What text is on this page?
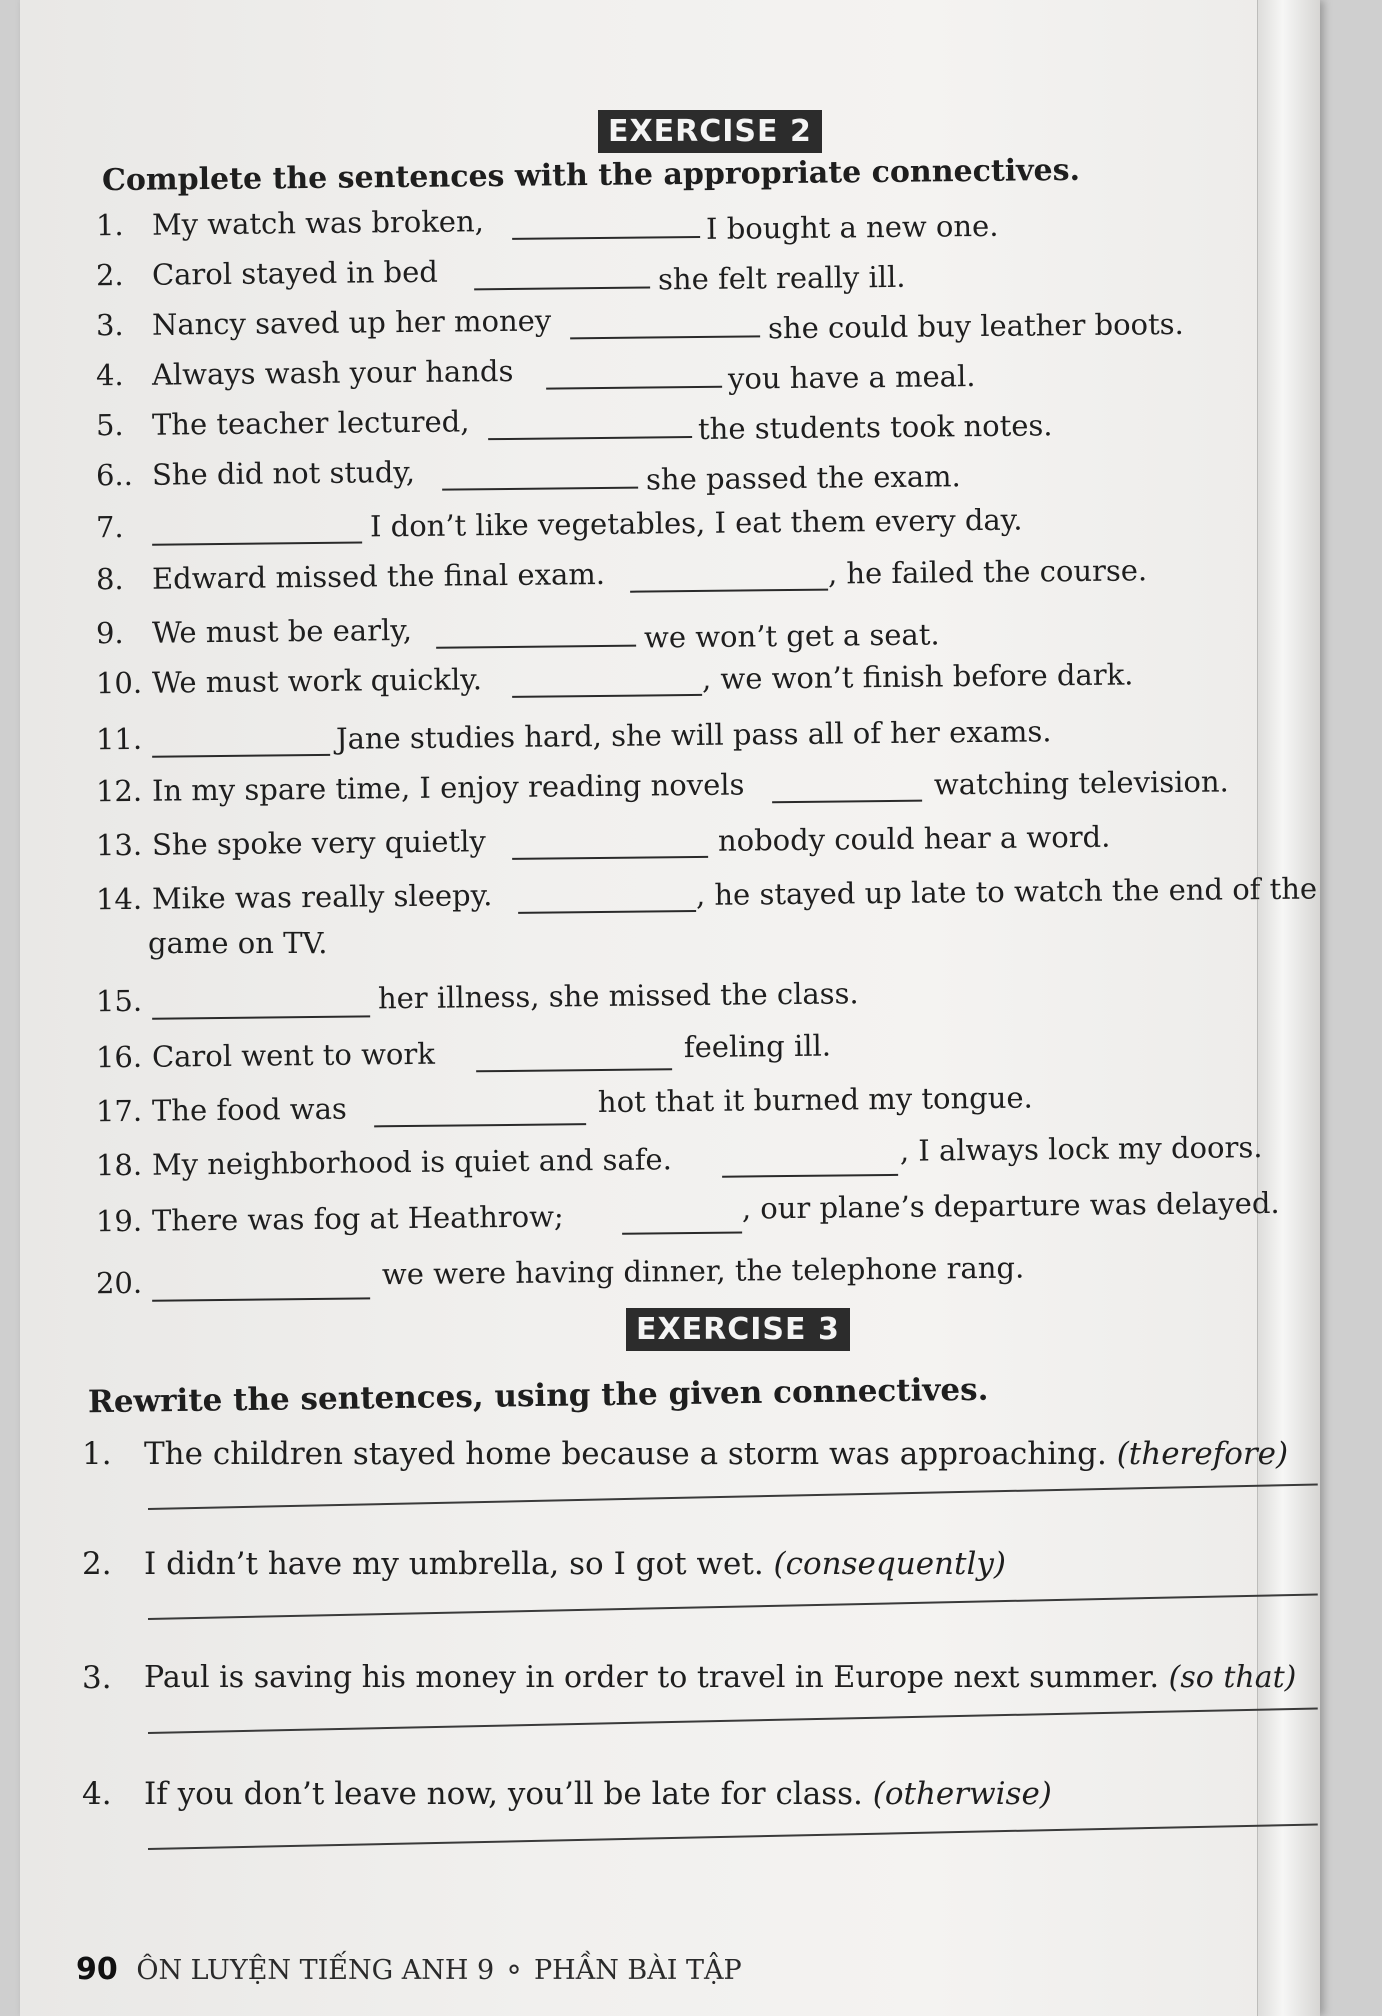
EXERCISE 2
Complete the sentences with the appropriate connectives.
1. My watch was broken,	I bought a new one.
2. Carol stayed in bed	she felt really ill.
3. Nancy saved up her money	she could buy leather boots.
4. Always wash your hands	you have a meal.
5. The teacher lectured,	the students took notes.
6.. She did not study,	she passed the exam.
7.	I don’t like vegetables, I eat them every day.
8. Edward missed the final exam.	, he failed the course.
9. We must be early,	we won’t get a seat.
10. We must work quickly.	, we won’t finish before dark.
11.	Jane studies hard, she will pass all of her exams.
12. In my spare time, I enjoy reading novels	watching television.
13. She spoke very quietly	nobody could hear a word.
14. Mike was really sleepy.	, he stayed up late to watch the end of the
game on TV.
15.	her illness, she missed the class.
16. Carol went to work	feeling ill.
17. The food was	hot that it burned my tongue.
18. My neighborhood is quiet and safe.	, I always lock my doors.
19. There was fog at Heathrow;	, our plane’s departure was delayed.
20.	we were having dinner, the telephone rang.
EXERCISE 3
Rewrite the sentences, using the given connectives.
1. The children stayed home because a storm was approaching. (therefore)
2. I didn’t have my umbrella, so I got wet. (consequently)
3. Paul is saving his money in order to travel in Europe next summer. (so that)
4. If you don’t leave now, you’ll be late for class. (otherwise)
90 ÔN LUYỆN TIẾNG ANH 9 ⚬ PHẦN BÀI TẬP
